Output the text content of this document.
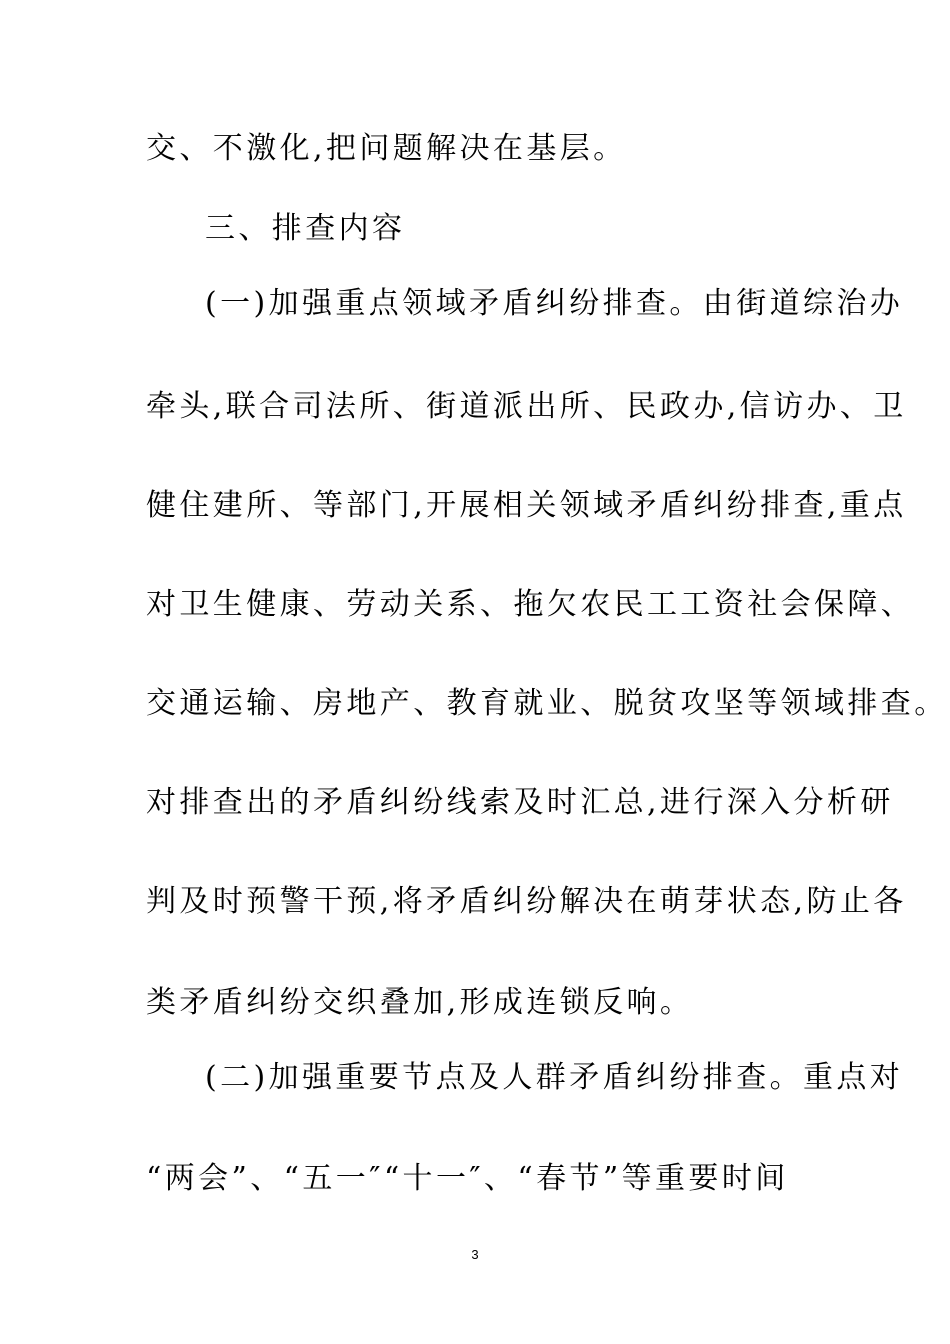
交、不激化,把问题解决在基层。
三、排查内容
(一)加强重点领域矛盾纠纷排查。由街道综治办
牵头,联合司法所、街道派出所、民政办,信访办、卫
健住建所、等部门,开展相关领域矛盾纠纷排查,重点
对卫生健康、劳动关系、拖欠农民工工资社会保障、
交通运输、房地产、教育就业、脱贫攻坚等领域排查。
对排查出的矛盾纠纷线索及时汇总,进行深入分析研
判及时预警干预,将矛盾纠纷解决在萌芽状态,防止各
类矛盾纠纷交织叠加,形成连锁反响。
(二)加强重要节点及人群矛盾纠纷排查。重点对
“两会”、“五一″“十一″、“春节”等重要时间
3
